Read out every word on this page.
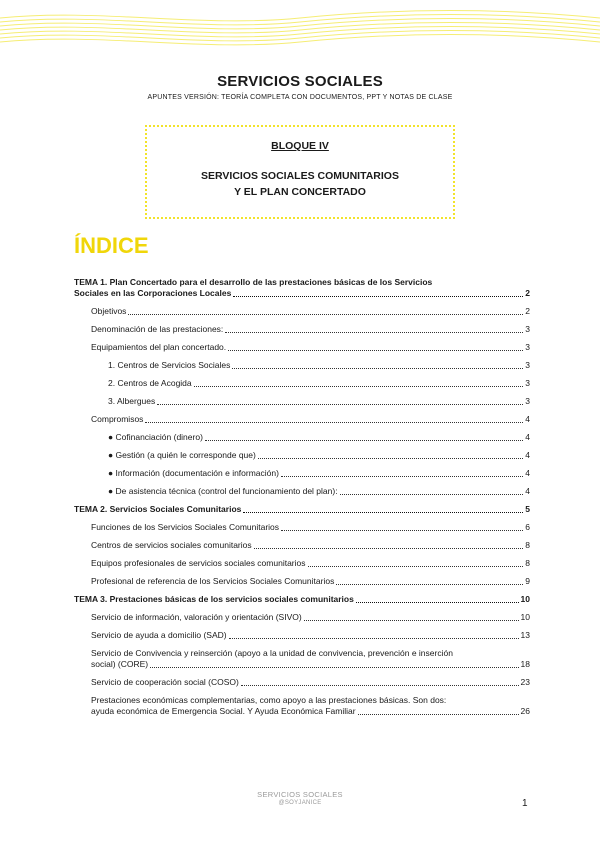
SERVICIOS SOCIALES
APUNTES VERSIÓN: TEORÍA COMPLETA CON DOCUMENTOS, PPT Y NOTAS DE CLASE
BLOQUE IV
SERVICIOS SOCIALES COMUNITARIOS
Y EL PLAN CONCERTADO
ÍNDICE
TEMA 1. Plan Concertado para el desarrollo de las prestaciones básicas de los Servicios
Sociales en las Corporaciones Locales	2
Objetivos	2
Denominación de las prestaciones:	3
Equipamientos del plan concertado.	3
1. Centros de Servicios Sociales	3
2. Centros de Acogida	3
3. Albergues	3
Compromisos	4
● Cofinanciación (dinero)	4
● Gestión (a quién le corresponde que)	4
● Información (documentación e información)	4
● De asistencia técnica (control del funcionamiento del plan):	4
TEMA 2. Servicios Sociales Comunitarios	5
Funciones de los Servicios Sociales Comunitarios	6
Centros de servicios sociales comunitarios	8
Equipos profesionales de servicios sociales comunitarios	8
Profesional de referencia de los Servicios Sociales Comunitarios	9
TEMA 3. Prestaciones básicas de los servicios sociales comunitarios	10
Servicio de información, valoración y orientación (SIVO)	10
Servicio de ayuda a domicilio (SAD)	13
Servicio de Convivencia y reinserción (apoyo a la unidad de convivencia, prevención e inserción
social) (CORE)	18
Servicio de cooperación social (COSO)	23
Prestaciones económicas complementarias, como apoyo a las prestaciones básicas. Son dos:
ayuda económica de Emergencia Social. Y Ayuda Económica Familiar	26
SERVICIOS SOCIALES
@SOYJANICE	1
